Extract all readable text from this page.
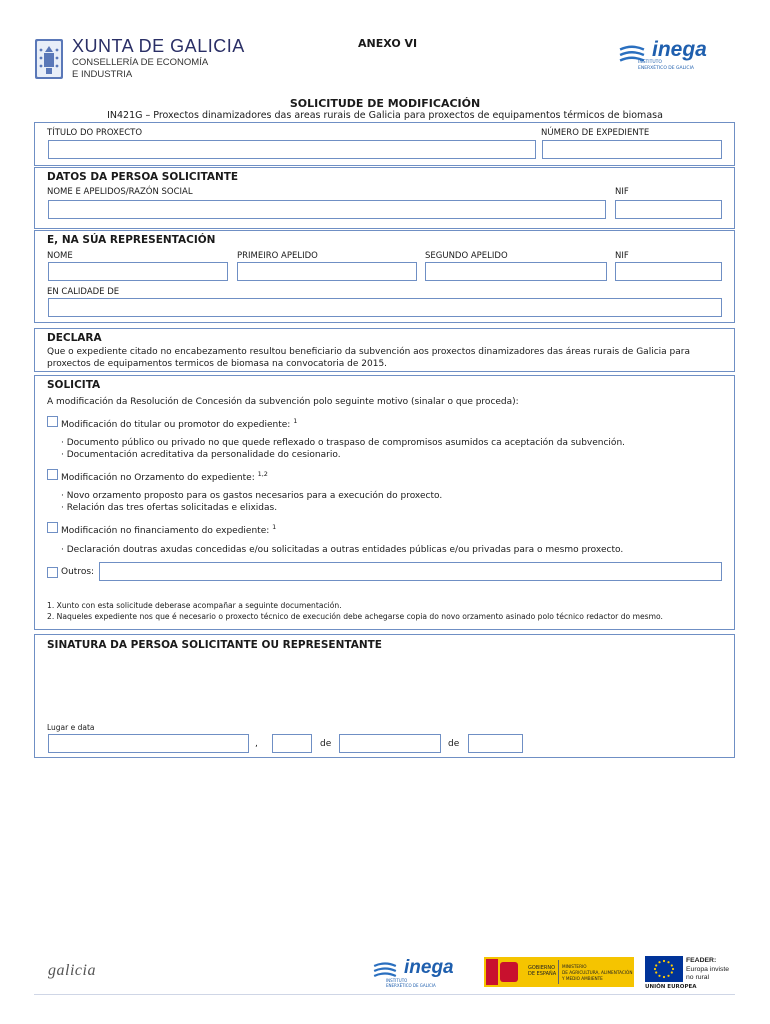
XUNTA DE GALICIA
CONSELLERÍA DE ECONOMÍA
E INDUSTRIA
ANEXO VI	inega
INSTITUTO
ENERXÉTICO DE GALICIA
SOLICITUDE DE MODIFICACIÓN
IN421G – Proxectos dinamizadores das areas rurais de Galicia para proxectos de equipamentos térmicos de biomasa
TÍTULO DO PROXECTO	NÚMERO DE EXPEDIENTE
DATOS DA PERSOA SOLICITANTE
NOME E APELIDOS/RAZÓN SOCIAL	NIF
E, NA SÚA REPRESENTACIÓN
NOME	PRIMEIRO APELIDO	SEGUNDO APELIDO	NIF
EN CALIDADE DE
DECLARA
Que o expediente citado no encabezamento resultou beneficiario da subvención aos proxectos dinamizadores das áreas rurais de Galicia para
proxectos de equipamentos termicos de biomasa na convocatoria de 2015.
SOLICITA
A modificación da Resolución de Concesión da subvención polo seguinte motivo (sinalar o que proceda):
Modificación do titular ou promotor do expediente: $^1$
· Documento público ou privado no que quede reflexado o traspaso de compromisos asumidos ca aceptación da subvención.
· Documentación acreditativa da personalidade do cesionario.
Modificación no Orzamento do expediente: $^{1,2}$
· Novo orzamento proposto para os gastos necesarios para a execución do proxecto.
· Relación das tres ofertas solicitadas e elixidas.
Modificación no financiamento do expediente: $^1$
· Declaración doutras axudas concedidas e/ou solicitadas a outras entidades públicas e/ou privadas para o mesmo proxecto.
Outros:
1. Xunto con esta solicitude deberase acompañar a seguinte documentación.
2. Naqueles expediente nos que é necesario o proxecto técnico de execución debe achegarse copia do novo orzamento asinado polo técnico redactor do mesmo.
SINATURA DA PERSOA SOLICITANTE OU REPRESENTANTE
Lugar e data
,	de	de
galicia	inega
INSTITUTO
ENERXÉTICO DE GALICIA
GOBIERNO
DE ESPAÑA
MINISTERIO
DE AGRICULTURA, ALIMENTACIÓN
Y MEDIO AMBIENTE
FEADER:
Europa inviste
no rural
UNIÓN EUROPEA
